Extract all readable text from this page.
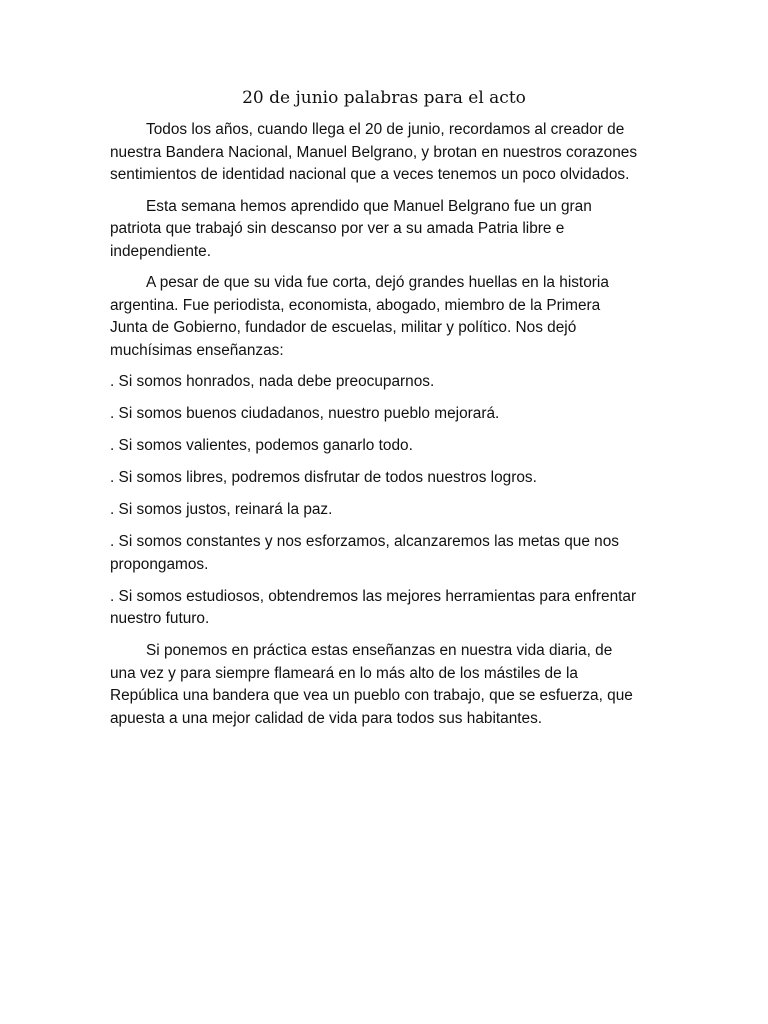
20 de junio palabras para el acto

Todos los años, cuando llega el 20 de junio, recordamos al creador de nuestra Bandera Nacional, Manuel Belgrano, y brotan en nuestros corazones sentimientos de identidad nacional que a veces tenemos un poco olvidados.

Esta semana hemos aprendido que Manuel Belgrano fue un gran patriota que trabajó sin descanso por ver a su amada Patria libre e independiente.

A pesar de que su vida fue corta, dejó grandes huellas en la historia argentina. Fue periodista, economista, abogado, miembro de la Primera Junta de Gobierno, fundador de escuelas, militar y político. Nos dejó muchísimas enseñanzas:

. Si somos honrados, nada debe preocuparnos.

. Si somos buenos ciudadanos, nuestro pueblo mejorará.

. Si somos valientes, podemos ganarlo todo.

. Si somos libres, podremos disfrutar de todos nuestros logros.

. Si somos justos, reinará la paz.

. Si somos constantes y nos esforzamos, alcanzaremos las metas que nos propongamos.

. Si somos estudiosos, obtendremos las mejores herramientas para enfrentar nuestro futuro.

Si ponemos en práctica estas enseñanzas en nuestra vida diaria, de una vez y para siempre flameará en lo más alto de los mástiles de la República una bandera que vea un pueblo con trabajo, que se esfuerza, que apuesta a una mejor calidad de vida para todos sus habitantes.
